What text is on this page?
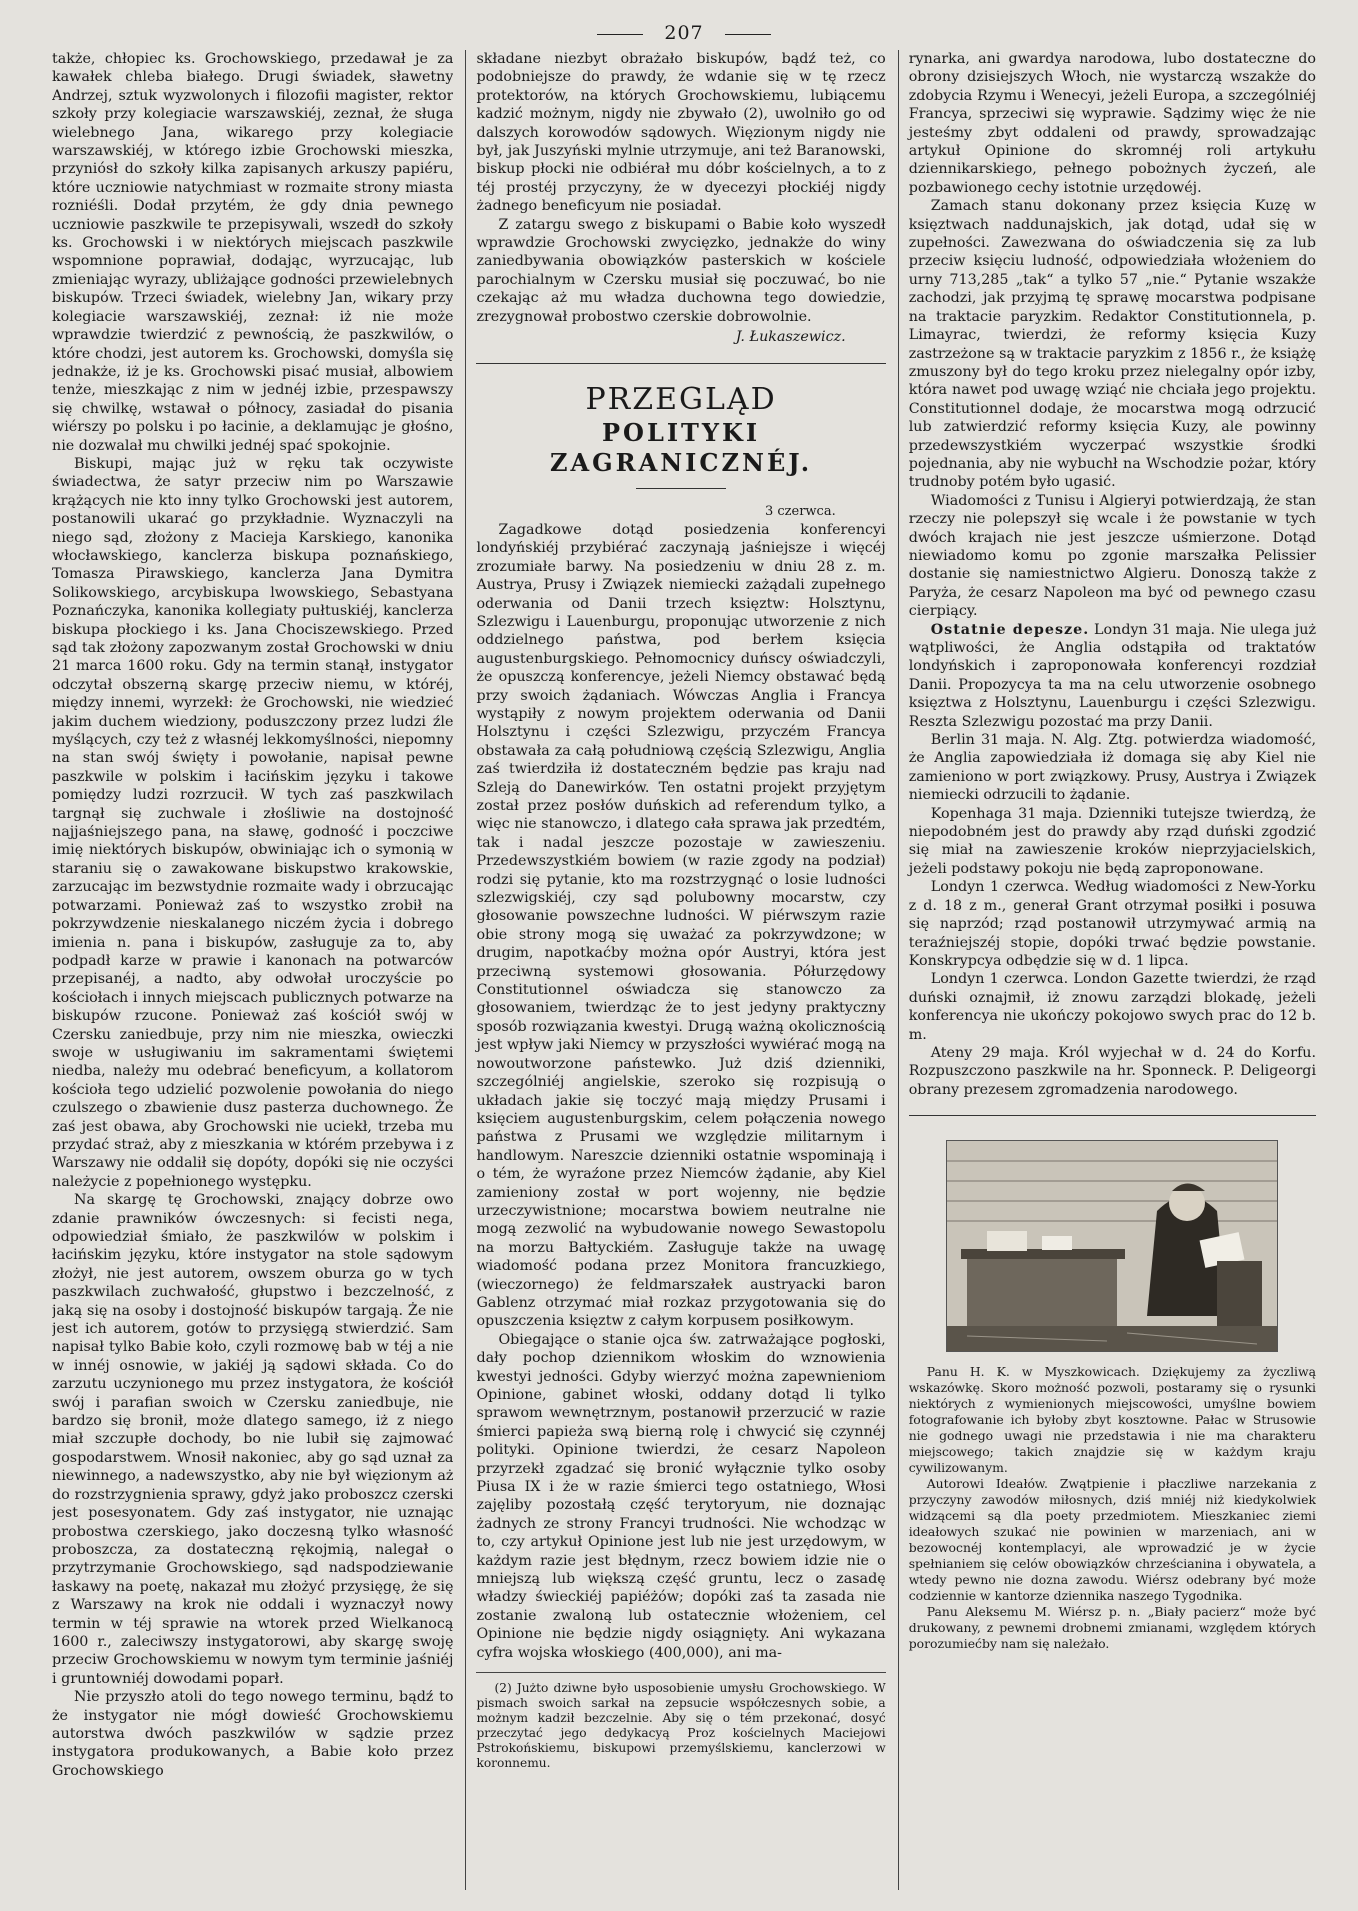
207

także, chłopiec ks. Grochowskiego, przedawał je za kawałek chleba białego. Drugi świadek, sławetny Andrzej, sztuk wyzwolonych i filozofii magister, rektor szkoły przy kolegiacie warszawskiéj, zeznał, że sługa wielebnego Jana, wikarego przy kolegiacie warszawskiéj, w którego izbie Grochowski mieszka, przyniósł do szkoły kilka zapisanych arkuszy papiéru, które uczniowie natychmiast w rozmaite strony miasta rozniéśli. Dodał przytém, że gdy dnia pewnego uczniowie paszkwile te przepisywali, wszedł do szkoły ks. Grochowski i w niektórych miejscach paszkwile wspomnione poprawiał, dodając, wyrzucając, lub zmieniając wyrazy, ubliżające godności przewielebnych biskupów. Trzeci świadek, wielebny Jan, wikary przy kolegiacie warszawskiéj, zeznał: iż nie może wprawdzie twierdzić z pewnością, że paszkwilów, o które chodzi, jest autorem ks. Grochowski, domyśla się jednakże, iż je ks. Grochowski pisać musiał, albowiem tenże, mieszkając z nim w jednéj izbie, przespawszy się chwilkę, wstawał o północy, zasiadał do pisania wiérszy po polsku i po łacinie, a deklamując je głośno, nie dozwalał mu chwilki jednéj spać spokojnie.

Biskupi, mając już w ręku tak oczywiste świadectwa, że satyr przeciw nim po Warszawie krążących nie kto inny tylko Grochowski jest autorem, postanowili ukarać go przykładnie. Wyznaczyli na niego sąd, złożony z Macieja Karskiego, kanonika włocławskiego, kanclerza biskupa poznańskiego, Tomasza Pirawskiego, kanclerza Jana Dymitra Solikowskiego, arcybiskupa lwowskiego, Sebastyana Poznańczyka, kanonika kollegiaty pułtuskiéj, kanclerza biskupa płockiego i ks. Jana Chociszewskiego. Przed sąd tak złożony zapozwanym został Grochowski w dniu 21 marca 1600 roku. Gdy na termin stanął, instygator odczytał obszerną skargę przeciw niemu, w któréj, między innemi, wyrzekł: że Grochowski, nie wiedzieć jakim duchem wiedziony, poduszczony przez ludzi źle myślących, czy też z własnéj lekkomyślności, niepomny na stan swój święty i powołanie, napisał pewne paszkwile w polskim i łacińskim języku i takowe pomiędzy ludzi rozrzucił. W tych zaś paszkwilach targnął się zuchwale i złośliwie na dostojność najjaśniejszego pana, na sławę, godność i poczciwe imię niektórych biskupów, obwiniając ich o symonią w staraniu się o zawakowane biskupstwo krakowskie, zarzucając im bezwstydnie rozmaite wady i obrzucając potwarzami. Ponieważ zaś to wszystko zrobił na pokrzywdzenie nieskalanego niczém życia i dobrego imienia n. pana i biskupów, zasługuje za to, aby podpadł karze w prawie i kanonach na potwarców przepisanéj, a nadto, aby odwołał uroczyście po kościołach i innych miejscach publicznych potwarze na biskupów rzucone. Ponieważ zaś kościół swój w Czersku zaniedbuje, przy nim nie mieszka, owieczki swoje w usługiwaniu im sakramentami świętemi niedba, należy mu odebrać beneficyum, a kollatorom kościoła tego udzielić pozwolenie powołania do niego czulszego o zbawienie dusz pasterza duchownego. Że zaś jest obawa, aby Grochowski nie uciekł, trzeba mu przydać straż, aby z mieszkania w którém przebywa i z Warszawy nie oddalił się dopóty, dopóki się nie oczyści należycie z popełnionego występku.

Na skargę tę Grochowski, znający dobrze owo zdanie prawników ówczesnych: si fecisti nega, odpowiedział śmiało, że paszkwilów w polskim i łacińskim języku, które instygator na stole sądowym złożył, nie jest autorem, owszem oburza go w tych paszkwilach zuchwałość, głupstwo i bezczelność, z jaką się na osoby i dostojność biskupów targają. Że nie jest ich autorem, gotów to przysięgą stwierdzić. Sam napisał tylko Babie koło, czyli rozmowę bab w téj a nie w innéj osnowie, w jakiéj ją sądowi składa. Co do zarzutu uczynionego mu przez instygatora, że kościół swój i parafian swoich w Czersku zaniedbuje, nie bardzo się bronił, może dlatego samego, iż z niego miał szczupłe dochody, bo nie lubił się zajmować gospodarstwem. Wnosił nakoniec, aby go sąd uznał za niewinnego, a nadewszystko, aby nie był więzionym aż do rozstrzygnienia sprawy, gdyż jako proboszcz czerski jest posesyonatem. Gdy zaś instygator, nie uznając probostwa czerskiego, jako doczesną tylko własność proboszcza, za dostateczną rękojmią, nalegał o przytrzymanie Grochowskiego, sąd nadspodziewanie łaskawy na poetę, nakazał mu złożyć przysięgę, że się z Warszawy na krok nie oddali i wyznaczył nowy termin w téj sprawie na wtorek przed Wielkanocą 1600 r., zaleciwszy instygatorowi, aby skargę swoję przeciw Grochowskiemu w nowym tym terminie jaśniéj i gruntowniéj dowodami poparł.

Nie przyszło atoli do tego nowego terminu, bądź to że instygator nie mógł dowieść Grochowskiemu autorstwa dwóch paszkwilów w sądzie przez instygatora produkowanych, a Babie koło przez Grochowskiego

składane niezbyt obrażało biskupów, bądź też, co podobniejsze do prawdy, że wdanie się w tę rzecz protektorów, na których Grochowskiemu, lubiącemu kadzić możnym, nigdy nie zbywało (2), uwolniło go od dalszych korowodów sądowych. Więzionym nigdy nie był, jak Juszyński mylnie utrzymuje, ani też Baranowski, biskup płocki nie odbiérał mu dóbr kościelnych, a to z téj prostéj przyczyny, że w dyecezyi płockiéj nigdy żadnego beneficyum nie posiadał.

Z zatargu swego z biskupami o Babie koło wyszedł wprawdzie Grochowski zwycięzko, jednakże do winy zaniedbywania obowiązków pasterskich w kościele parochialnym w Czersku musiał się poczuwać, bo nie czekając aż mu władza duchowna tego dowiedzie, zrezygnował probostwo czerskie dobrowolnie.

J. Łukaszewicz.
PRZEGLĄD
POLITYKI ZAGRANICZNÉJ.
3 czerwca.

Zagadkowe dotąd posiedzenia konferencyi londyńskiéj przybiérać zaczynają jaśniejsze i więcéj zrozumiałe barwy. Na posiedzeniu w dniu 28 z. m. Austrya, Prusy i Związek niemiecki zażądali zupełnego oderwania od Danii trzech księztw: Holsztynu, Szlezwigu i Lauenburgu, proponując utworzenie z nich oddzielnego państwa, pod berłem księcia augustenburgskiego. Pełnomocnicy duńscy oświadczyli, że opuszczą konferencye, jeżeli Niemcy obstawać będą przy swoich żądaniach. Wówczas Anglia i Francya wystąpiły z nowym projektem oderwania od Danii Holsztynu i części Szlezwigu, przyczém Francya obstawała za całą południową częścią Szlezwigu, Anglia zaś twierdziła iż dostateczném będzie pas kraju nad Szleją do Danewirków. Ten ostatni projekt przyjętym został przez posłów duńskich ad referendum tylko, a więc nie stanowczo, i dlatego cała sprawa jak przedtém, tak i nadal jeszcze pozostaje w zawieszeniu. Przedewszystkiém bowiem (w razie zgody na podział) rodzi się pytanie, kto ma rozstrzygnąć o losie ludności szlezwigskiéj, czy sąd polubowny mocarstw, czy głosowanie powszechne ludności. W piérwszym razie obie strony mogą się uważać za pokrzywdzone; w drugim, napotkaćby można opór Austryi, która jest przeciwną systemowi głosowania. Półurzędowy Constitutionnel oświadcza się stanowczo za głosowaniem, twierdząc że to jest jedyny praktyczny sposób rozwiązania kwestyi. Drugą ważną okolicznością jest wpływ jaki Niemcy w przyszłości wywiérać mogą na nowoutworzone państewko. Już dziś dzienniki, szczególniéj angielskie, szeroko się rozpisują o układach jakie się toczyć mają między Prusami i księciem augustenburgskim, celem połączenia nowego państwa z Prusami we względzie militarnym i handlowym. Nareszcie dzienniki ostatnie wspominają i o tém, że wyraźone przez Niemców żądanie, aby Kiel zamieniony został w port wojenny, nie będzie urzeczywistnione; mocarstwa bowiem neutralne nie mogą zezwolić na wybudowanie nowego Sewastopolu na morzu Bałtyckiém. Zasługuje także na uwagę wiadomość podana przez Monitora francuzkiego, (wieczornego) że feldmarszałek austryacki baron Gablenz otrzymać miał rozkaz przygotowania się do opuszczenia księztw z całym korpusem posiłkowym.

Obiegające o stanie ojca św. zatrważające pogłoski, dały pochop dziennikom włoskim do wznowienia kwestyi jedności. Gdyby wierzyć można zapewnieniom Opinione, gabinet włoski, oddany dotąd li tylko sprawom wewnętrznym, postanowił przerzucić w razie śmierci papieża swą bierną rolę i chwycić się czynnéj polityki. Opinione twierdzi, że cesarz Napoleon przyrzekł zgadzać się bronić wyłącznie tylko osoby Piusa IX i że w razie śmierci tego ostatniego, Włosi zajęliby pozostałą część terytoryum, nie doznając żadnych ze strony Francyi trudności. Nie wchodząc w to, czy artykuł Opinione jest lub nie jest urzędowym, w każdym razie jest błędnym, rzecz bowiem idzie nie o mniejszą lub większą część gruntu, lecz o zasadę władzy świeckiéj papiéżów; dopóki zaś ta zasada nie zostanie zwaloną lub ostatecznie włożeniem, cel Opinione nie będzie nigdy osiągnięty. Ani wykazana cyfra wojska włoskiego (400,000), ani ma-

(2) Jużto dziwne było usposobienie umysłu Grochowskiego. W pismach swoich sarkał na zepsucie współczesnych sobie, a możnym kadził bezczelnie. Aby się o tém przekonać, dosyć przeczytać jego dedykacyą Proz kościelnych Maciejowi Pstrokońskiemu, biskupowi przemyślskiemu, kanclerzowi w koronnemu.

rynarka, ani gwardya narodowa, lubo dostateczne do obrony dzisiejszych Włoch, nie wystarczą wszakże do zdobycia Rzymu i Wenecyi, jeżeli Europa, a szczególniéj Francya, sprzeciwi się wyprawie. Sądzimy więc że nie jesteśmy zbyt oddaleni od prawdy, sprowadzając artykuł Opinione do skromnéj roli artykułu dziennikarskiego, pełnego pobożnych życzeń, ale pozbawionego cechy istotnie urzędowéj.

Zamach stanu dokonany przez księcia Kuzę w księztwach naddunajskich, jak dotąd, udał się w zupełności. Zawezwana do oświadczenia się za lub przeciw księciu ludność, odpowiedziała włożeniem do urny 713,285 „tak“ a tylko 57 „nie.“ Pytanie wszakże zachodzi, jak przyjmą tę sprawę mocarstwa podpisane na traktacie paryzkim. Redaktor Constitutionnela, p. Limayrac, twierdzi, że reformy księcia Kuzy zastrzeżone są w traktacie paryzkim z 1856 r., że książę zmuszony był do tego kroku przez nielegalny opór izby, która nawet pod uwagę wziąć nie chciała jego projektu. Constitutionnel dodaje, że mocarstwa mogą odrzucić lub zatwierdzić reformy księcia Kuzy, ale powinny przedewszystkiém wyczerpać wszystkie środki pojednania, aby nie wybuchł na Wschodzie pożar, który trudnoby potém było ugasić.

Wiadomości z Tunisu i Algieryi potwierdzają, że stan rzeczy nie polepszył się wcale i że powstanie w tych dwóch krajach nie jest jeszcze uśmierzone. Dotąd niewiadomo komu po zgonie marszałka Pelissier dostanie się namiestnictwo Algieru. Donoszą także z Paryża, że cesarz Napoleon ma być od pewnego czasu cierpiący.

Ostatnie depesze. Londyn 31 maja. Nie ulega już wątpliwości, że Anglia odstąpiła od traktatów londyńskich i zaproponowała konferencyi rozdział Danii. Propozycya ta ma na celu utworzenie osobnego księztwa z Holsztynu, Lauenburgu i części Szlezwigu. Reszta Szlezwigu pozostać ma przy Danii.

Berlin 31 maja. N. Alg. Ztg. potwierdza wiadomość, że Anglia zapowiedziała iż domaga się aby Kiel nie zamieniono w port związkowy. Prusy, Austrya i Związek niemiecki odrzucili to żądanie.

Kopenhaga 31 maja. Dzienniki tutejsze twierdzą, że niepodobném jest do prawdy aby rząd duński zgodzić się miał na zawieszenie kroków nieprzyjacielskich, jeżeli podstawy pokoju nie będą zaproponowane.

Londyn 1 czerwca. Według wiadomości z New-Yorku z d. 18 z m., generał Grant otrzymał posiłki i posuwa się naprzód; rząd postanowił utrzymywać armią na teraźniejszéj stopie, dopóki trwać będzie powstanie. Konskrypcya odbędzie się w d. 1 lipca.

Londyn 1 czerwca. London Gazette twierdzi, że rząd duński oznajmił, iż znowu zarządzi blokadę, jeżeli konferencya nie ukończy pokojowo swych prac do 12 b. m.

Ateny 29 maja. Król wyjechał w d. 24 do Korfu. Rozpuszczono paszkwile na hr. Sponneck. P. Deligeorgi obrany prezesem zgromadzenia narodowego.

Panu H. K. w Myszkowicach. Dziękujemy za życzliwą wskazówkę. Skoro możność pozwoli, postaramy się o rysunki niektórych z wymienionych miejscowości, umyślne bowiem fotografowanie ich byłoby zbyt kosztowne. Pałac w Strusowie nie godnego uwagi nie przedstawia i nie ma charakteru miejscowego; takich znajdzie się w każdym kraju cywilizowanym.

Autorowi Ideałów. Zwątpienie i płaczliwe narzekania z przyczyny zawodów miłosnych, dziś mniéj niż kiedykolwiek widzącemi są dla poety przedmiotem. Mieszkaniec ziemi ideałowych szukać nie powinien w marzeniach, ani w bezowocnéj kontemplacyi, ale wprowadzić je w życie spełnianiem się celów obowiązków chrześcianina i obywatela, a wtedy pewno nie dozna zawodu. Wiérsz odebrany być może codziennie w kantorze dziennika naszego Tygodnika.

Panu Aleksemu M. Wiérsz p. n. „Biały pacierz“ może być drukowany, z pewnemi drobnemi zmianami, względem których porozumiećby nam się należało.
